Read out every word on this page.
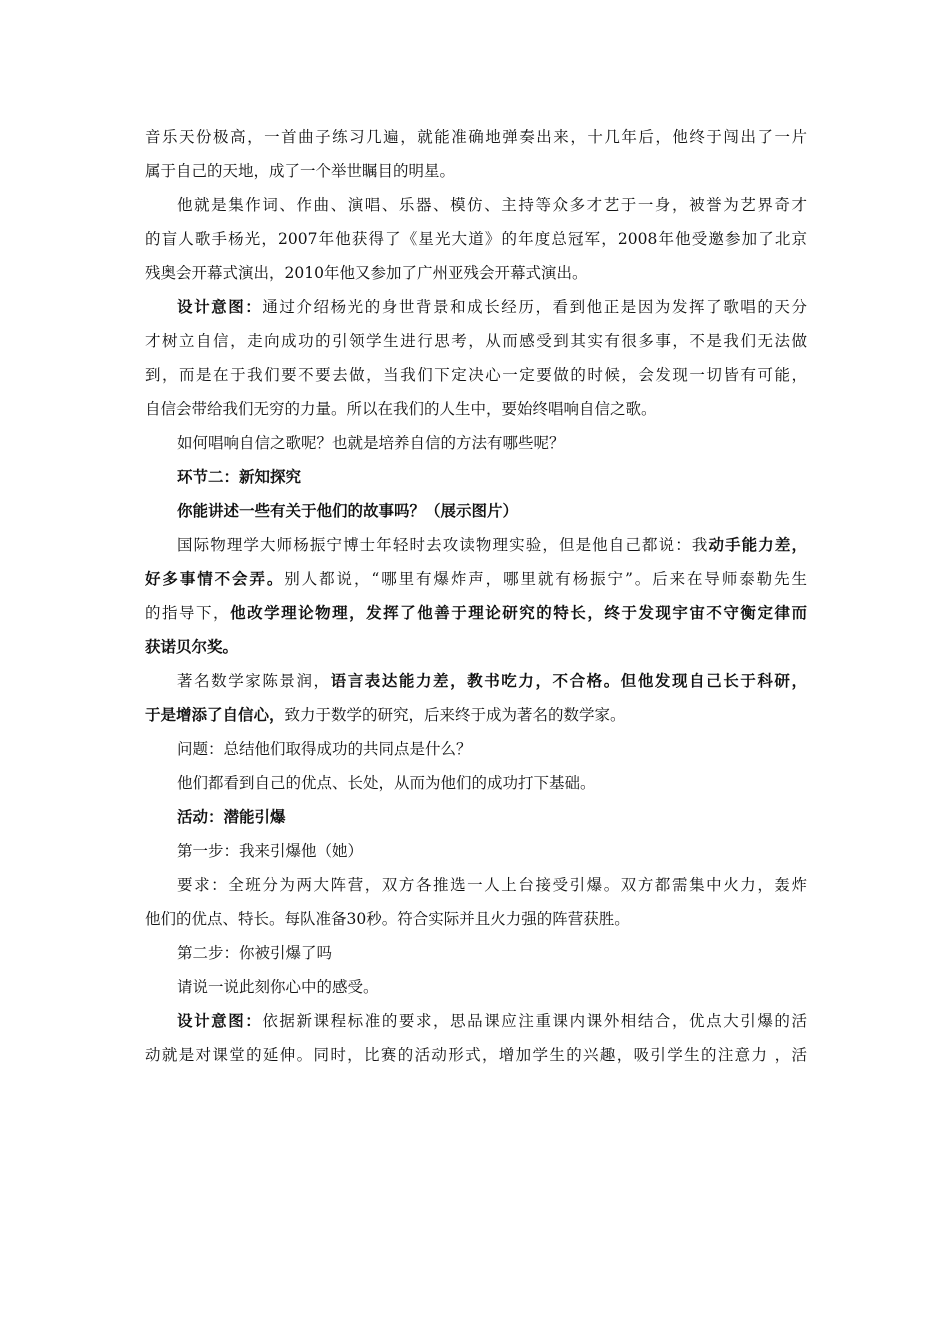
音乐天份极高，一首曲子练习几遍，就能准确地弹奏出来，十几年后，他终于闯出了一片
属于自己的天地，成了一个举世瞩目的明星。
他就是集作词、作曲、演唱、乐器、模仿、主持等众多才艺于一身，被誉为艺界奇才
的盲人歌手杨光，2007年他获得了《星光大道》的年度总冠军，2008年他受邀参加了北京
残奥会开幕式演出，2010年他又参加了广州亚残会开幕式演出。
设计意图：通过介绍杨光的身世背景和成长经历，看到他正是因为发挥了歌唱的天分
才树立自信，走向成功的引领学生进行思考，从而感受到其实有很多事，不是我们无法做
到，而是在于我们要不要去做，当我们下定决心一定要做的时候，会发现一切皆有可能，
自信会带给我们无穷的力量。所以在我们的人生中，要始终唱响自信之歌。
如何唱响自信之歌呢？也就是培养自信的方法有哪些呢？
环节二：新知探究
你能讲述一些有关于他们的故事吗？（展示图片）
国际物理学大师杨振宁博士年轻时去攻读物理实验，但是他自己都说：我动手能力差，
好多事情不会弄。别人都说，“哪里有爆炸声，哪里就有杨振宁”。后来在导师泰勒先生
的指导下，他改学理论物理，发挥了他善于理论研究的特长，终于发现宇宙不守衡定律而
获诺贝尔奖。
著名数学家陈景润，语言表达能力差，教书吃力，不合格。但他发现自己长于科研，
于是增添了自信心，致力于数学的研究，后来终于成为著名的数学家。
问题：总结他们取得成功的共同点是什么？
他们都看到自己的优点、长处，从而为他们的成功打下基础。
活动：潜能引爆
第一步：我来引爆他（她）
要求：全班分为两大阵营，双方各推选一人上台接受引爆。双方都需集中火力，轰炸
他们的优点、特长。每队准备30秒。符合实际并且火力强的阵营获胜。
第二步：你被引爆了吗
请说一说此刻你心中的感受。
设计意图：依据新课程标准的要求，思品课应注重课内课外相结合，优点大引爆的活
动就是对课堂的延伸。同时，比赛的活动形式，增加学生的兴趣，吸引学生的注意力 ，活
